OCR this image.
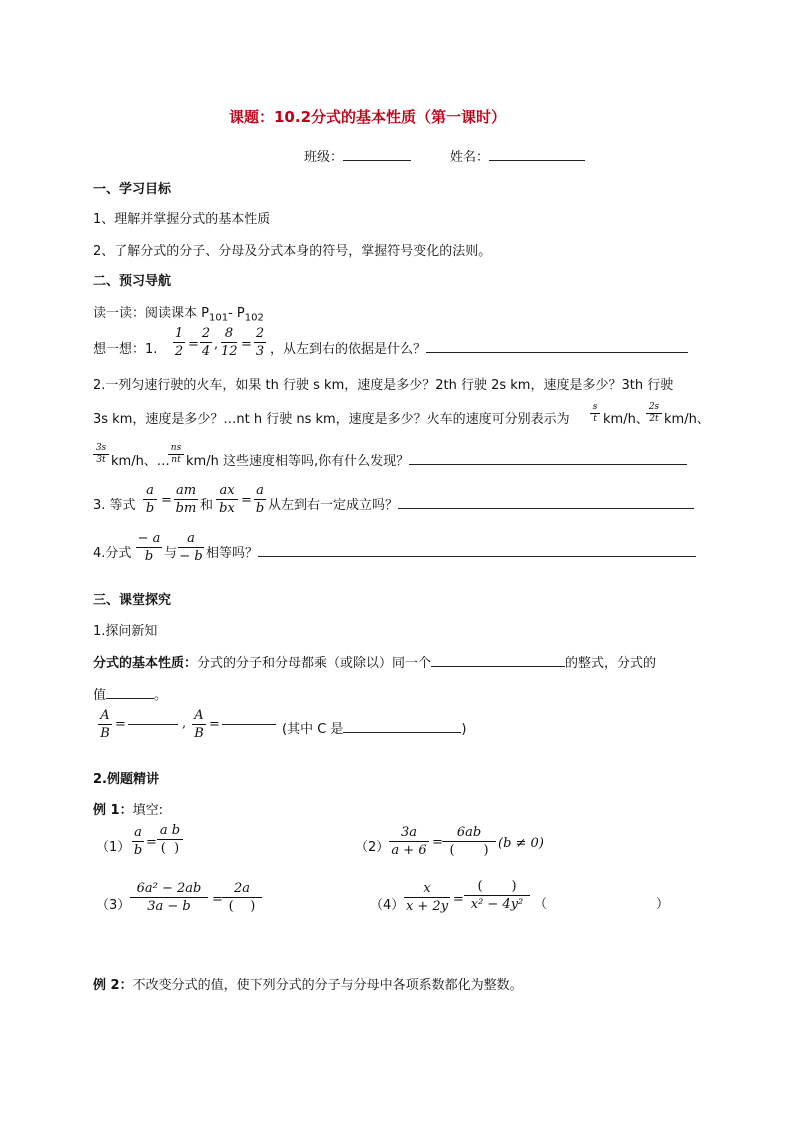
课题：10.2分式的基本性质（第一课时）
班级：	姓名：
一、学习目标
1、理解并掌握分式的基本性质
2、了解分式的分子、分母及分式本身的符号，掌握符号变化的法则。
二、预习导航
读一读：阅读课本 $P_{101}-$ $P_{102}$
想一想：1.
1
2 =
2
4 ,
8
12 =
2
3 ，从左到右的依据是什么？
2.一列匀速行驶的火车，如果 th 行驶 s km，速度是多少？2th 行驶 2s km，速度是多少？3th 行驶
3s km，速度是多少？…nt h 行驶 ns km，速度是多少？火车的速度可分别表示为
s
t km/h、
2s
2t km/h、
3s
3t km/h、…
ns
nt km/h 这些速度相等吗,你有什么发现？
3. 等式
a
b
=
am
bm 和
ax
bx
=
a
b 从左到右一定成立吗？
4.分式
− a
b 与
a
− b 相等吗？
三、课堂探究
1.探问新知
分式的基本性质：分式的分子和分母都乘（或除以）同一个	的整式，分式的
值	。
A
B
=	,
A
B
=	(其中 C 是	)
2.例题精讲
例 1：填空:
（1）
a
b
=
a b
(  )	（2）
3a
a + 6
=
6ab
(       ) (b ≠ 0)
（3）
6a² − 2ab
3a − b	=
2a
(    )	（4）
x
x + 2y =
(       )
x² − 4y² （	）
例 2：不改变分式的值，使下列分式的分子与分母中各项系数都化为整数。
